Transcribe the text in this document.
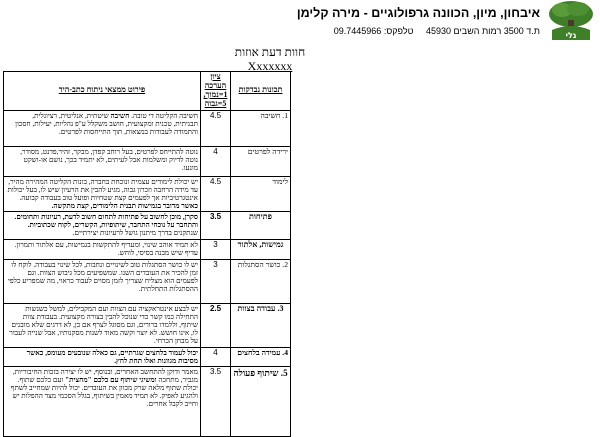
גלי
איבחון, מיון, הכוונה גרפולוגיים - מירה קלימן
ת.ד 3500 רמות השבים 45930 טלפקס: 09.7445966
חוות דעת אוזות
Xxxxxxx
תכונות נבדקות	ציון הערכה 1=נמוך, 5=גבוה	פירוט ממצאי ניתוח כתב-היד
1. חשיבה	4.5	חשיבה הקליטה די טובה. חשיבה שיטתית, אנליטית, רציונלית, תבניתית, טכנית ומקצועית, חושב משקלל ע"פ נהליות, יעילות, חסכון והתמודה לעבודות במצאות, תוך התייחסות לפרטים.
ירידה לפרטים	4	נוטה להתייחס לפרטים, בעל רוחב קפדן, מבקר, זהיר,פדנט, מסודר, נוטה לדיוק ומשלמות אבל לעיתים, לא יתמיד בכך, נושם או-ושקט מונעו.
לימוד	4.5	יש יכולת לימודים עצמית ונוכחת בחברה, בונות הקליטה המהירה מהיר, עד מידה הרחבה וזכרון גבוה, מגיע להבין את הרעיון שיש לו, בעל יכולות אינטגרטיביות אך לפעמים קצת שטחיות ופועל טוב בעבודה קבועה. כאשר מדובר בגמישות תבנית הלימודים, קצת מתקשה.
פתיחות	3.5	סקרן, מוכן לחשוב על פתיחות לתחום חשוב לדעת, רעיונות ותחומים. והתחבר על נוכחי התחבר, שיתופיות, הקשרים, לקוח שכתוביות. שנתקנים בדרך מיתנון גושל לרעיונות יצירתיים.
גמישות, אלתור	3	לא תמיד אוהב שינוי, ומעדיף להתקשות בגמישות, עם אלתור ותמרון. עדיף שיש מבנה בסיסי, לוחש.
2. כושר הסתגלות	3	יש לו כושר הסתגלות טוב לשינויים ונחבות, לכל שינוי בעבודה. לוקח לו זמן להכיר את העובדים השנו. שמשפיעים מכל גיבוש הצוות. וגם לפעמים הוא מצליח שצריך לזמן מסוים לעבוד כראוי, מה שמפריע כלפי ההסתגלות התחלתית.
3. עבודה בצוות	2.5	יש לבצע אינטראקציה עם הצוות ועם המקבילים, למשל כשנשות התחילה כמו קשר כדי שנוכל להבין בצורה מקצועית. בעבודת צוות שיתוף, וללמדו ברורים, וגם מסוגל לצרף אם כן, לא דרגים שלא מובנים לו, אינו חושש. לא יוצר וקשה מאוד לשנות מסקנותיו, אבל שנייה לעבור על מבחן הכרחי.
4. עמידה בלחצים	4	יכול לעמוד בלחצים שגרתיים, גם כאלה שנובעים מעומס, כאשר מסיבות מגוונות ואלו תחת לחץ.
5. שיתוף פעולה	3.5	מאמר ודוקן להתחשב האחרים, ובנוסף, יש לו יצירה בזכות החיבוריות, מגביר, מתחכה ומשיגי שיתוף עם כלכם "מחצית" ועם כלכם שתוף. יכולת שתוף מלאה שרק מכוון את העובדים. יכול להיות שמחייב לשתף ולהגיע לאפיק. לא תמיד מאמין בשיתוף, בגלל הסכמי מצד ההפלות יש וחייב לקבל אחרים.
